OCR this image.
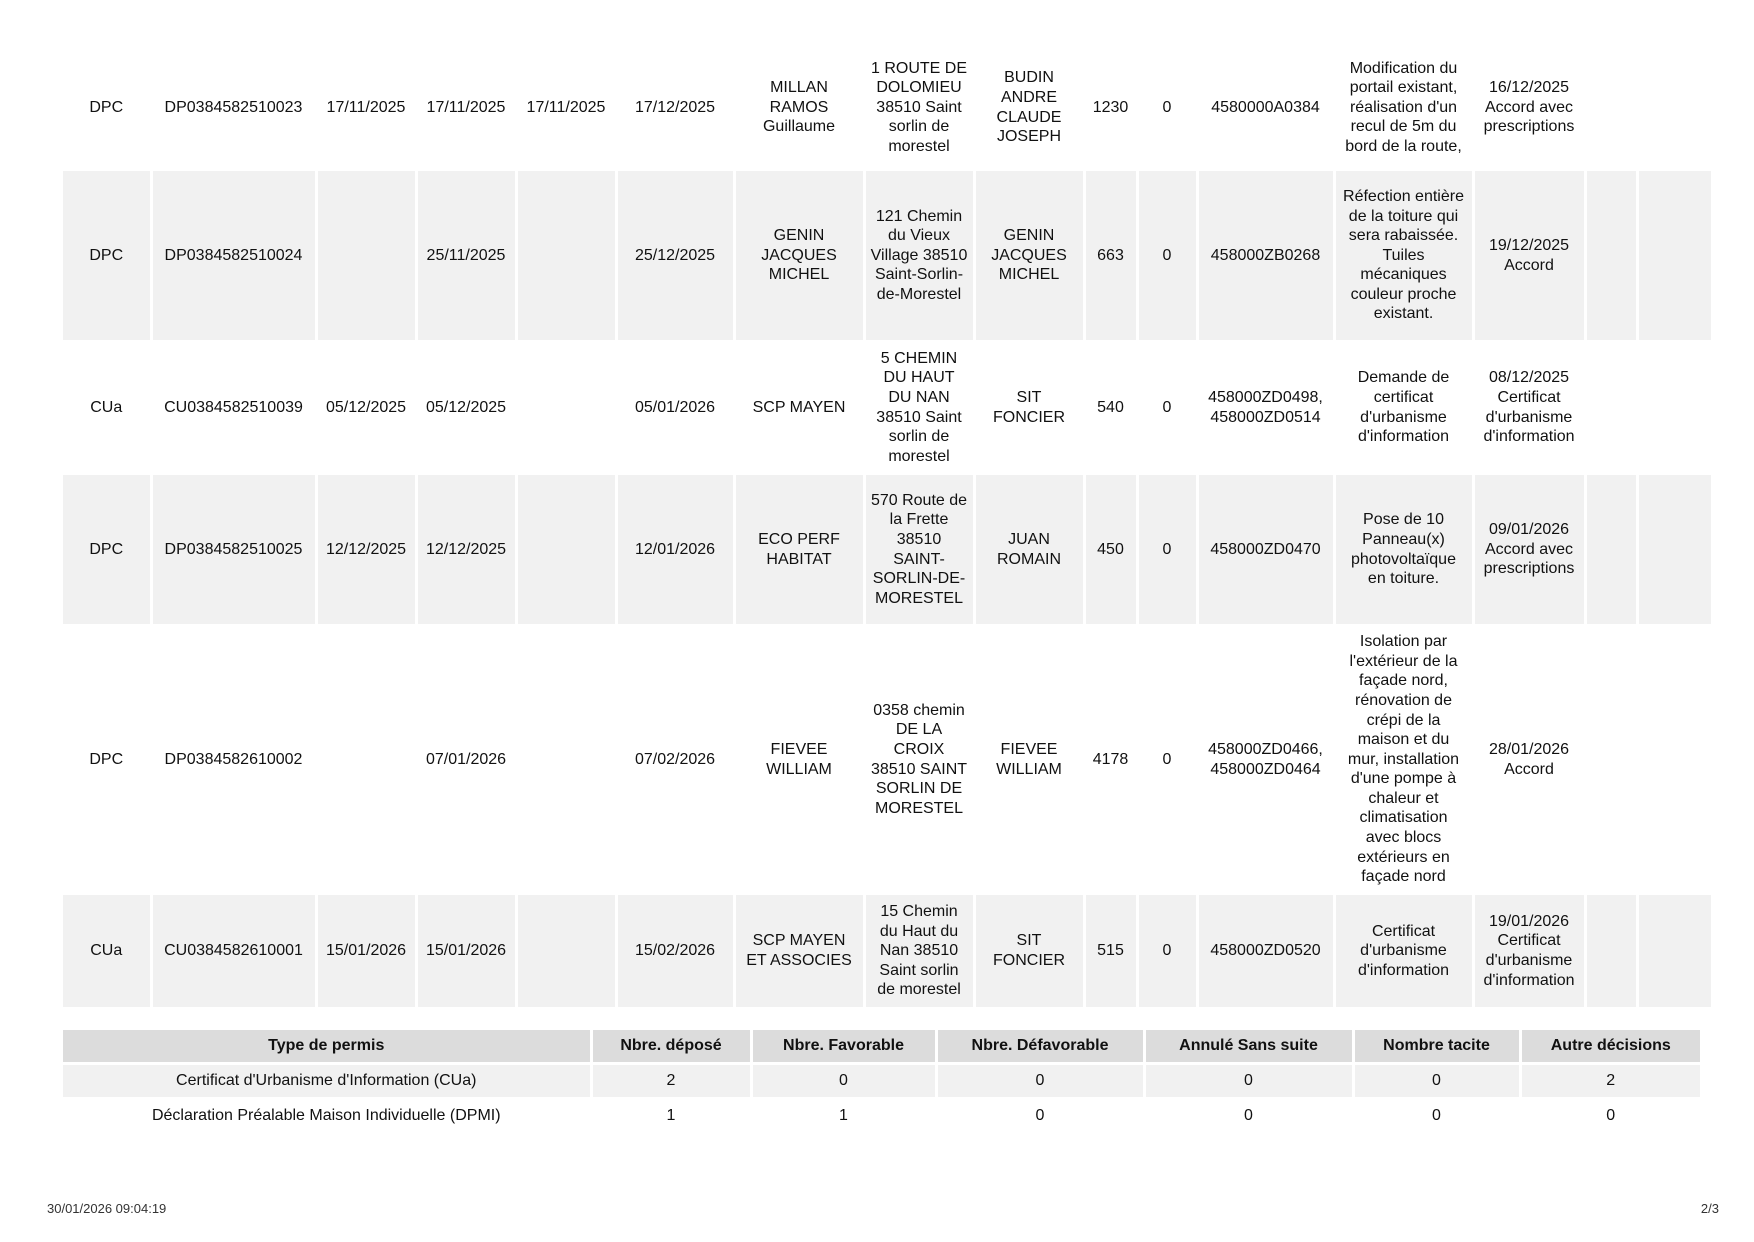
DPC	DP0384582510023	17/11/2025	17/11/2025	17/11/2025	17/12/2025	MILLAN RAMOS Guillaume	1 ROUTE DE DOLOMIEU 38510 Saint sorlin de morestel	BUDIN ANDRE CLAUDE JOSEPH	1230	0	4580000A0384	Modification du portail existant, réalisation d'un recul de 5m du bord de la route,	16/12/2025 Accord avec prescriptions		
DPC	DP0384582510024		25/11/2025		25/12/2025	GENIN JACQUES MICHEL	121 Chemin du Vieux Village 38510 Saint-Sorlin-de-Morestel	GENIN JACQUES MICHEL	663	0	458000ZB0268	Réfection entière de la toiture qui sera rabaissée. Tuiles mécaniques couleur proche existant.	19/12/2025 Accord		
CUa	CU0384582510039	05/12/2025	05/12/2025		05/01/2026	SCP MAYEN	5 CHEMIN DU HAUT DU NAN 38510 Saint sorlin de morestel	SIT FONCIER	540	0	458000ZD0498, 458000ZD0514	Demande de certificat d'urbanisme d'information	08/12/2025 Certificat d'urbanisme d'information		
DPC	DP0384582510025	12/12/2025	12/12/2025		12/01/2026	ECO PERF HABITAT	570 Route de la Frette 38510 SAINT-SORLIN-DE-MORESTEL	JUAN ROMAIN	450	0	458000ZD0470	Pose de 10 Panneau(x) photovoltaïque en toiture.	09/01/2026 Accord avec prescriptions		
DPC	DP0384582610002		07/01/2026		07/02/2026	FIEVEE WILLIAM	0358 chemin DE LA CROIX 38510 SAINT SORLIN DE MORESTEL	FIEVEE WILLIAM	4178	0	458000ZD0466, 458000ZD0464	Isolation par l'extérieur de la façade nord, rénovation de crépi de la maison et du mur, installation d'une pompe à chaleur et climatisation avec blocs extérieurs en façade nord	28/01/2026 Accord		
CUa	CU0384582610001	15/01/2026	15/01/2026		15/02/2026	SCP MAYEN ET ASSOCIES	15 Chemin du Haut du Nan 38510 Saint sorlin de morestel	SIT FONCIER	515	0	458000ZD0520	Certificat d'urbanisme d'information	19/01/2026 Certificat d'urbanisme d'information		
Type de permis	Nbre. déposé	Nbre. Favorable	Nbre. Défavorable	Annulé Sans suite	Nombre tacite	Autre décisions
Certificat d'Urbanisme d'Information (CUa)	2	0	0	0	0	2
Déclaration Préalable Maison Individuelle (DPMI)	1	1	0	0	0	0
30/01/2026 09:04:19	2/3
